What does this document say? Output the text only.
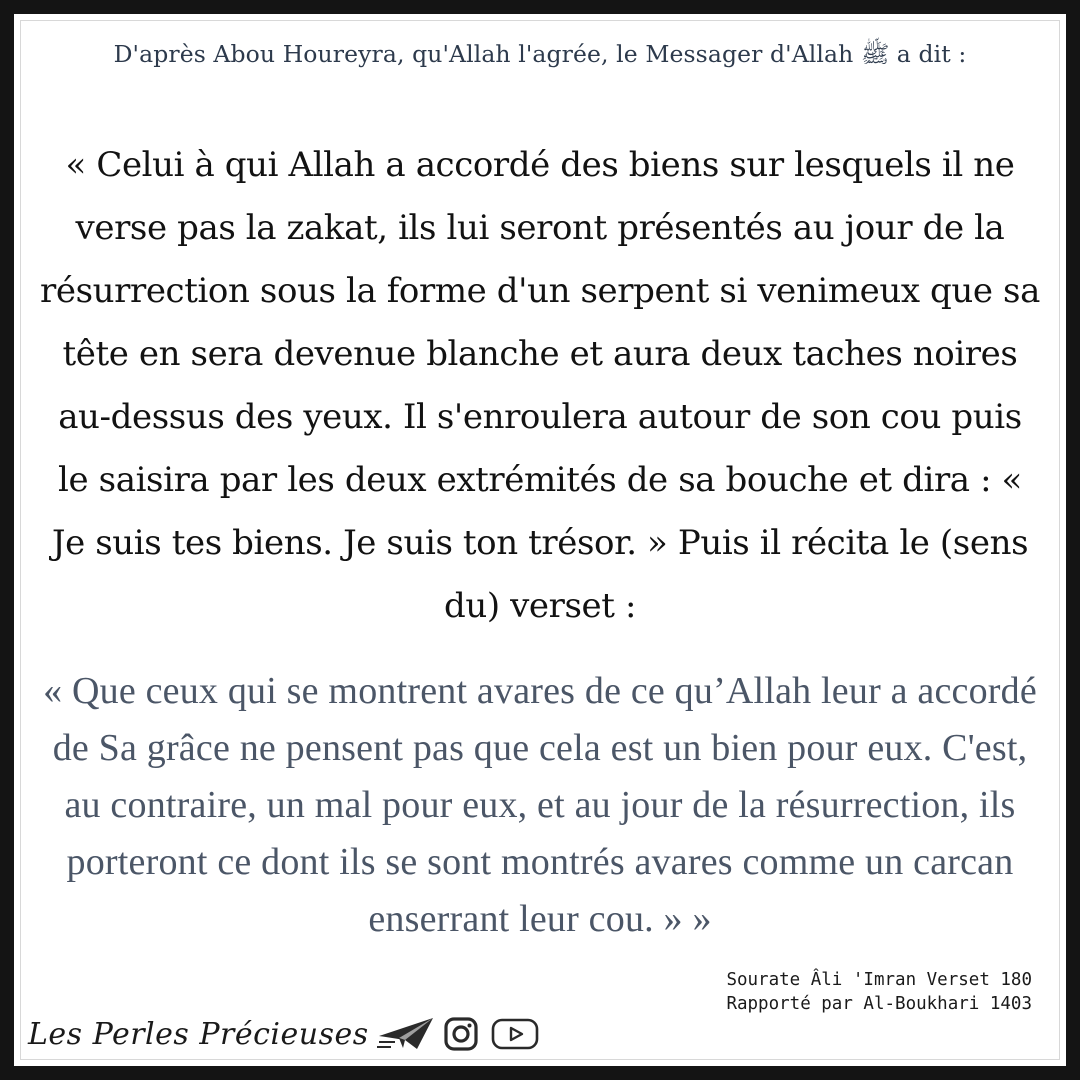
D'après Abou Houreyra, qu'Allah l'agrée, le Messager d'Allah ﷺ a dit :
« Celui à qui Allah a accordé des biens sur lesquels il ne verse pas la zakat, ils lui seront présentés au jour de la résurrection sous la forme d'un serpent si venimeux que sa tête en sera devenue blanche et aura deux taches noires au-dessus des yeux. Il s'enroulera autour de son cou puis le saisira par les deux extrémités de sa bouche et dira : « Je suis tes biens. Je suis ton trésor. » Puis il récita le (sens du) verset :
« Que ceux qui se montrent avares de ce qu’Allah leur a accordé de Sa grâce ne pensent pas que cela est un bien pour eux. C'est, au contraire, un mal pour eux, et au jour de la résurrection, ils porteront ce dont ils se sont montrés avares comme un carcan enserrant leur cou. » »
Sourate Âli 'Imran Verset 180
Rapporté par Al-Boukhari 1403
Les Perles Précieuses
